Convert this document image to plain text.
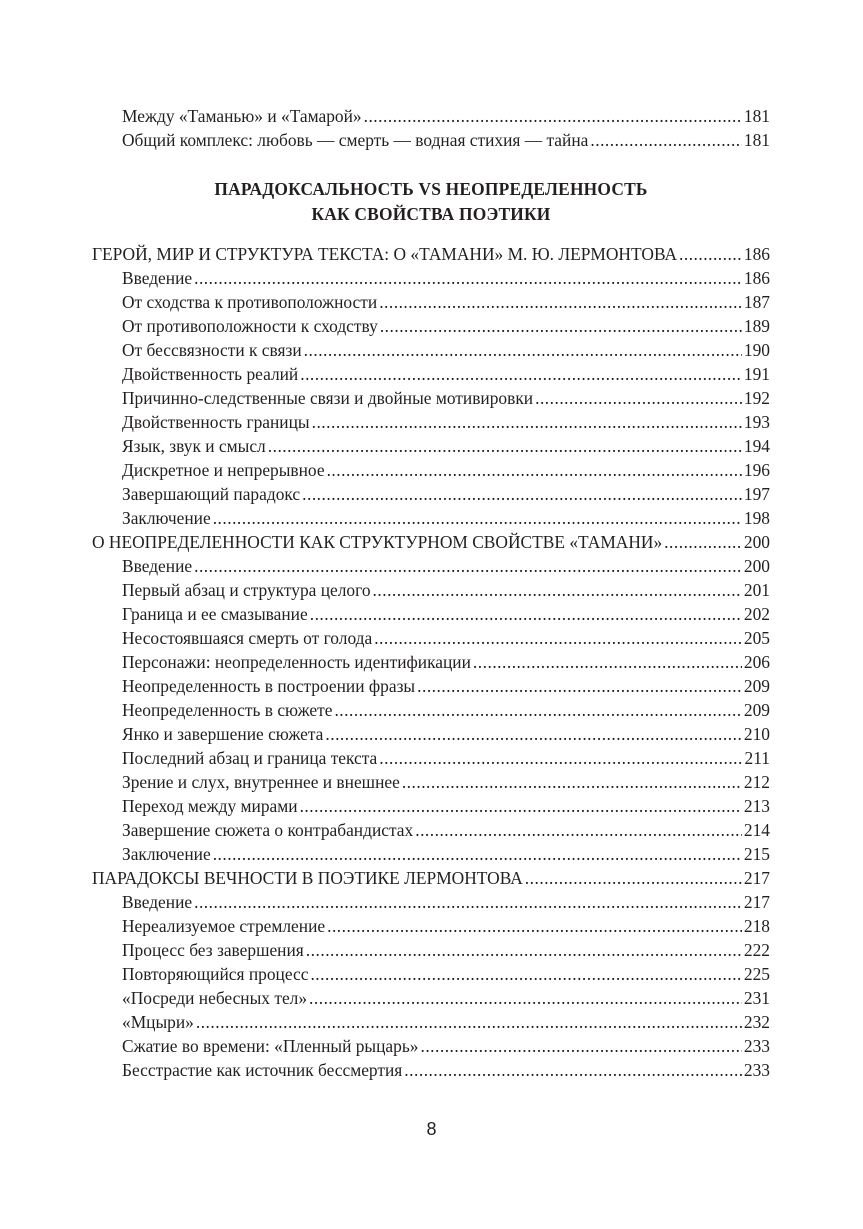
Между «Таманью» и «Тамарой» .....	181
Общий комплекс: любовь — смерть — водная стихия — тайна .....	181
ПАРАДОКСАЛЬНОСТЬ VS НЕОПРЕДЕЛЕННОСТЬ
КАК СВОЙСТВА ПОЭТИКИ
ГЕРОЙ, МИР И СТРУКТУРА ТЕКСТА: О «ТАМАНИ» М. Ю. ЛЕРМОНТОВА .....	186
Введение .....	186
От сходства к противоположности .....	187
От противоположности к сходству .....	189
От бессвязности к связи .....	190
Двойственность реалий .....	191
Причинно-следственные связи и двойные мотивировки .....	192
Двойственность границы .....	193
Язык, звук и смысл .....	194
Дискретное и непрерывное .....	196
Завершающий парадокс .....	197
Заключение .....	198
О НЕОПРЕДЕЛЕННОСТИ КАК СТРУКТУРНОМ СВОЙСТВЕ «ТАМАНИ» .....	200
Введение .....	200
Первый абзац и структура целого .....	201
Граница и ее смазывание .....	202
Несостоявшаяся смерть от голода .....	205
Персонажи: неопределенность идентификации .....	206
Неопределенность в построении фразы .....	209
Неопределенность в сюжете .....	209
Янко и завершение сюжета .....	210
Последний абзац и граница текста .....	211
Зрение и слух, внутреннее и внешнее .....	212
Переход между мирами .....	213
Завершение сюжета о контрабандистах .....	214
Заключение .....	215
ПАРАДОКСЫ ВЕЧНОСТИ В ПОЭТИКЕ ЛЕРМОНТОВА .....	217
Введение .....	217
Нереализуемое стремление .....	218
Процесс без завершения .....	222
Повторяющийся процесс .....	225
«Посреди небесных тел» .....	231
«Мцыри» .....	232
Сжатие во времени: «Пленный рыцарь» .....	233
Бесстрастие как источник бессмертия .....	233
8
